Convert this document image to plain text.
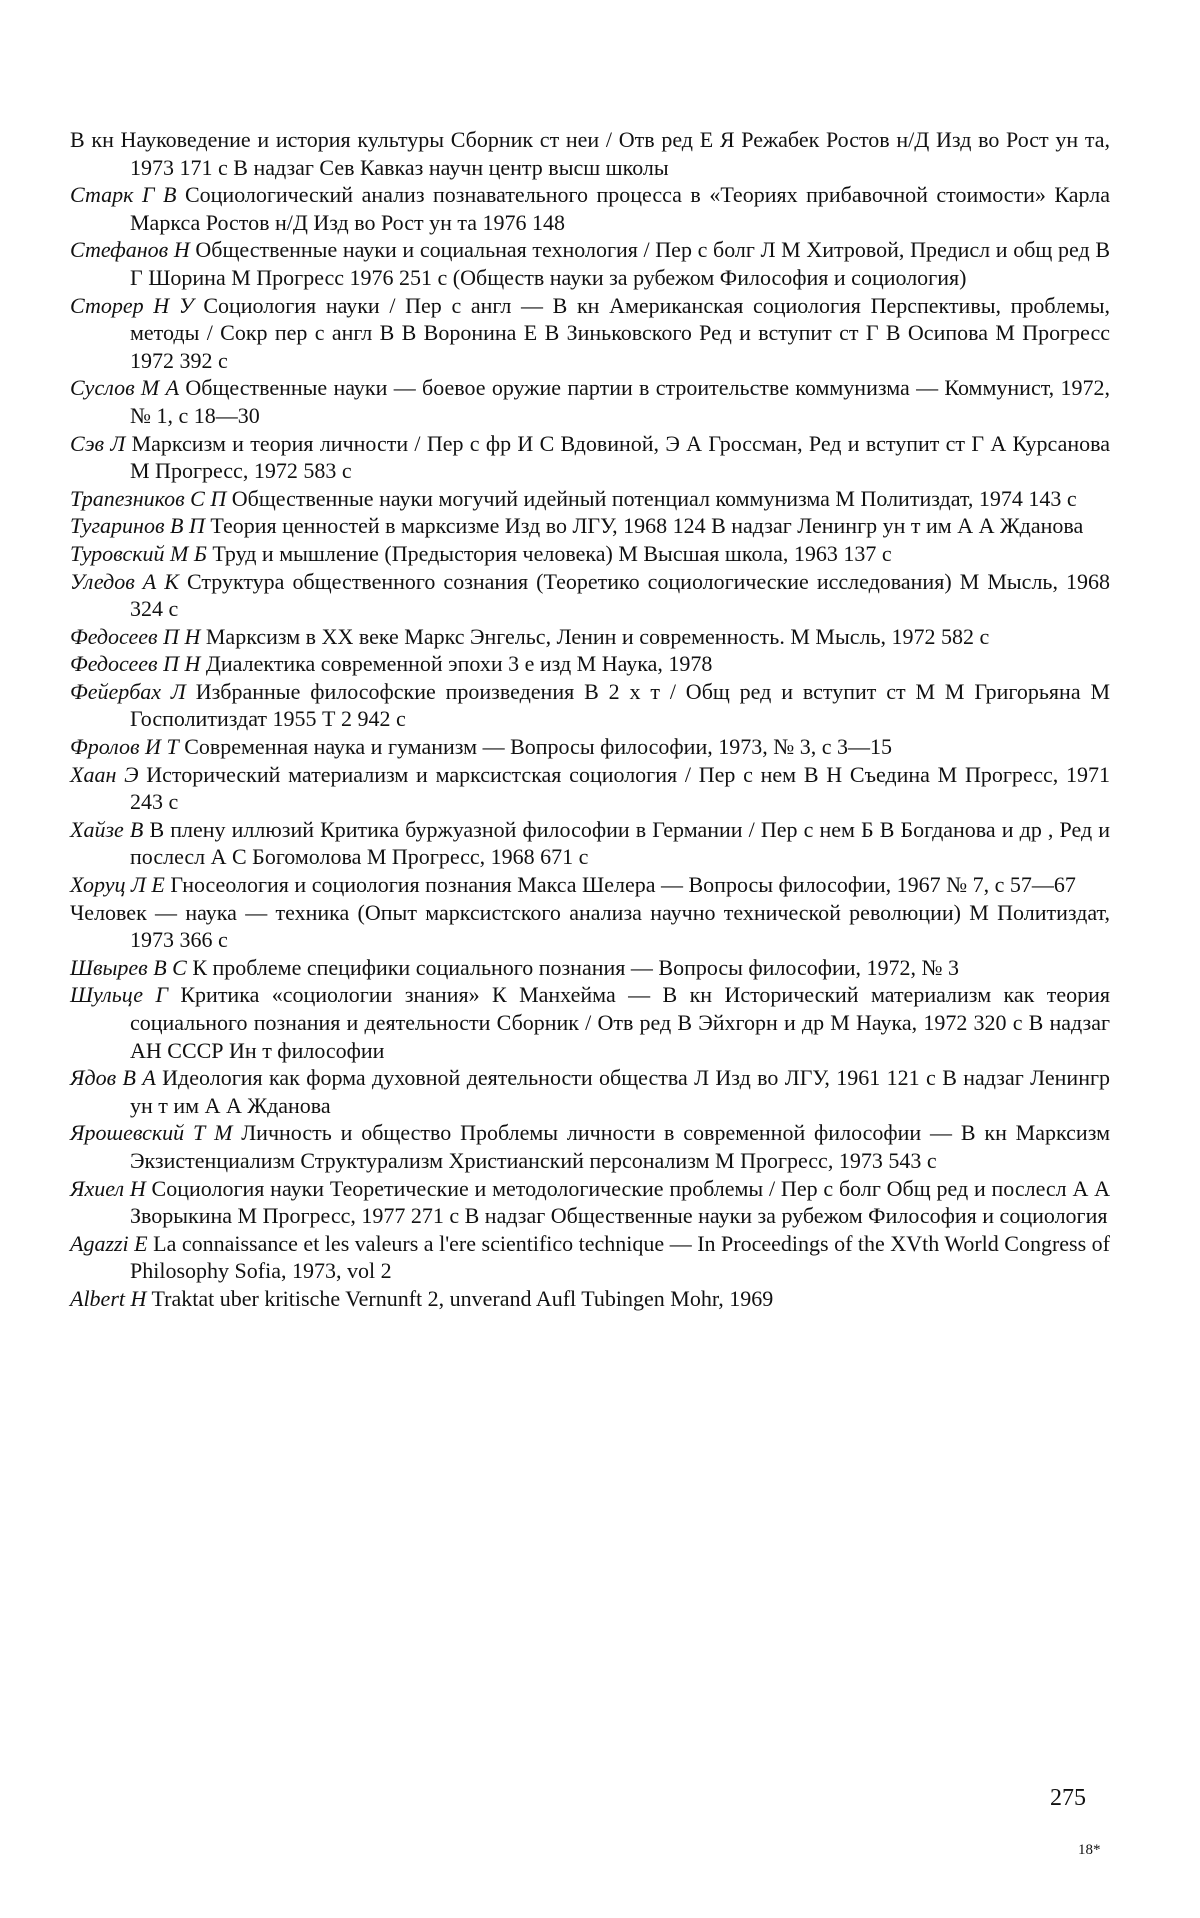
В кн Науковедение и история культуры Сборник ст неи / Отв ред Е Я Режабек Ростов н/Д Изд во Рост ун та, 1973 171 с В надзаг Сев Кавказ научн центр высш школы

Старк Г В Социологический анализ познавательного процесса в «Теориях прибавочной стоимости» Карла Маркса Ростов н/Д Изд во Рост ун та 1976 148

Стефанов Н Общественные науки и социальная технология / Пер с болг Л М Хитровой, Предисл и общ ред В Г Шорина М Прогресс 1976 251 с (Обществ науки за рубежом Философия и социология)

Сторер Н У Социология науки / Пер с англ — В кн Американская социология Перспективы, проблемы, методы / Сокр пер с англ В В Воронина Е В Зиньковского Ред и вступит ст Г В Осипова М Прогресс 1972 392 с

Суслов М А Общественные науки — боевое оружие партии в строительстве коммунизма — Коммунист, 1972, № 1, с 18—30

Сэв Л Марксизм и теория личности / Пер с фр И С Вдовиной, Э А Гроссман, Ред и вступит ст Г А Курсанова М Прогресс, 1972 583 с

Трапезников С П Общественные науки могучий идейный потенциал коммунизма М Политиздат, 1974 143 с

Тугаринов В П Теория ценностей в марксизме Изд во ЛГУ, 1968 124 В надзаг Ленингр ун т им А А Жданова

Туровский М Б Труд и мышление (Предыстория человека) М Высшая школа, 1963 137 с

Уледов А К Структура общественного сознания (Теоретико социологические исследования) М Мысль, 1968 324 с

Федосеев П Н Марксизм в XX веке Маркс Энгельс, Ленин и современность. М Мысль, 1972 582 с

Федосеев П Н Диалектика современной эпохи 3 е изд М Наука, 1978

Фейербах Л Избранные философские произведения В 2 х т / Общ ред и вступит ст М М Григорьяна М Госполитиздат 1955 Т 2 942 с

Фролов И Т Современная наука и гуманизм — Вопросы философии, 1973, № 3, с 3—15

Хаан Э Исторический материализм и марксистская социология / Пер с нем В Н Съедина М Прогресс, 1971 243 с

Хайзе В В плену иллюзий Критика буржуазной философии в Германии / Пер с нем Б В Богданова и др , Ред и послесл А С Богомолова М Прогресс, 1968 671 с

Хоруц Л Е Гносеология и социология познания Макса Шелера — Вопросы философии, 1967 № 7, с 57—67

Человек — наука — техника (Опыт марксистского анализа научно технической революции) М Политиздат, 1973 366 с

Швырев В С К проблеме специфики социального познания — Вопросы философии, 1972, № 3

Шульце Г Критика «социологии знания» К Манхейма — В кн Исторический материализм как теория социального познания и деятельности Сборник / Отв ред В Эйхгорн и др М Наука, 1972 320 с В надзаг АН СССР Ин т философии

Ядов В А Идеология как форма духовной деятельности общества Л Изд во ЛГУ, 1961 121 с В надзаг Ленингр ун т им А А Жданова

Ярошевский Т М Личность и общество Проблемы личности в современной философии — В кн Марксизм Экзистенциализм Структурализм Христианский персонализм М Прогресс, 1973 543 с

Яхиел Н Социология науки Теоретические и методологические проблемы / Пер с болг Общ ред и послесл А А Зворыкина М Прогресс, 1977 271 с В надзаг Общественные науки за рубежом Философия и социология

Agazzi E La connaissance et les valeurs a l'ere scientifico technique — In Proceedings of the XVth World Congress of Philosophy Sofia, 1973, vol 2

Albert H Traktat uber kritische Vernunft 2, unverand Aufl Tubingen Mohr, 1969

275
18*
